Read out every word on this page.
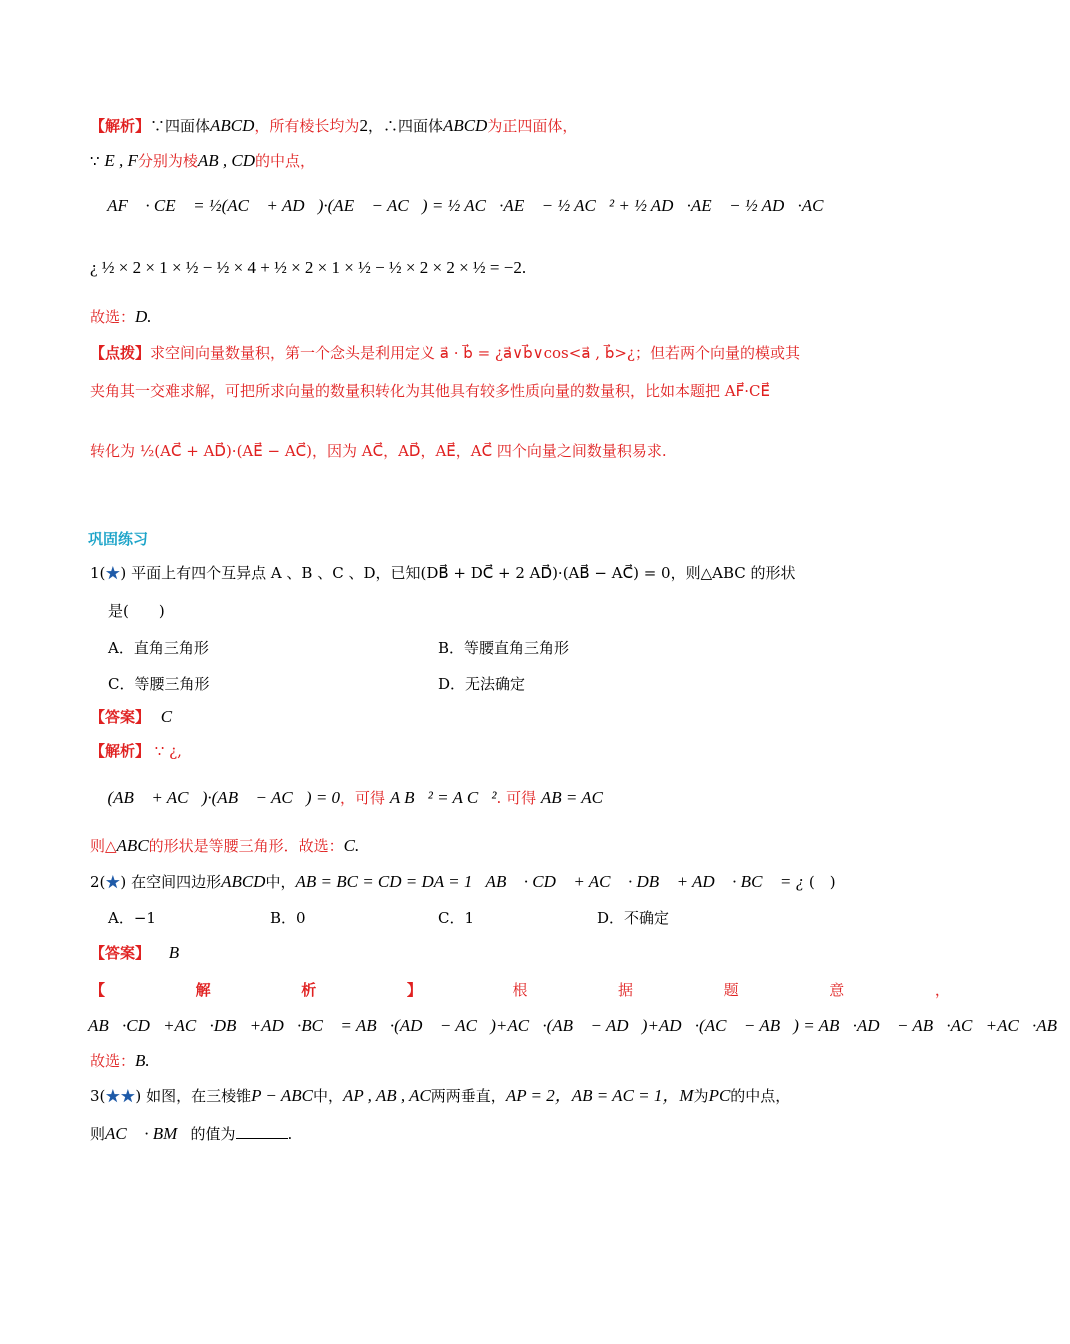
【解析】∵四面体ABCD，所有棱长均为2，∴四面体ABCD为正四面体，
∵ E , F分别为棱AB , CD的中点，
∴ AF⃗ · CE⃗ = ½(AC⃗ + AD⃗)·(AE⃗ − AC⃗) = ½ AC⃗·AE⃗ − ½ AC⃗² + ½ AD⃗·AE⃗ − ½ AD⃗·AC⃗
¿ ½ × 2 × 1 × ½ − ½ × 4 + ½ × 2 × 1 × ½ − ½ × 2 × 2 × ½ = −2.
故选：D.
【点拨】求空间向量数量积，第一个念头是利用定义 a⃗ · b⃗ = ¿a⃗∨b⃗∨cos<a⃗ , b⃗>¿；但若两个向量的模或其
夹角其一交难求解，可把所求向量的数量积转化为其他具有较多性质向量的数量积，比如本题把 AF⃗·CE⃗
转化为 ½(AC⃗ + AD⃗)·(AE⃗ − AC⃗)，因为 AC⃗，AD⃗，AE⃗，AC⃗ 四个向量之间数量积易求.
巩固练习
1(★) 平面上有四个互异点 A 、B 、C 、D，已知(DB⃗ + DC⃗ + 2 AD⃗)·(AB⃗ − AC⃗) = 0，则△ABC 的形状
是(　　)
A．直角三角形	B．等腰直角三角形
C．等腰三角形	D．无法确定
【答案】 C
【解析】 ∵ ¿,
∴ (AB⃗ + AC⃗)·(AB⃗ − AC⃗) = 0，可得 A B⃗² = A C⃗². 可得 AB = AC
则△ABC的形状是等腰三角形．故选：C.
2(★) 在空间四边形ABCD中，AB = BC = CD = DA = 1，AB⃗ · CD⃗ + AC⃗ · DB⃗ + AD⃗ · BC⃗ = ¿ (　)
A．−1	B．0	C．1	D．不确定
【答案】 B
【	解	析	】	根	据	题	意	，
AB⃗·CD⃗+AC⃗·DB⃗+AD⃗·BC⃗ = AB⃗·(AD⃗ − AC⃗)+AC⃗·(AB⃗ − AD⃗)+AD⃗·(AC⃗ − AB⃗) = AB⃗·AD⃗ − AB⃗·AC⃗+AC⃗·AB⃗
故选：B.
3(★★) 如图，在三棱锥P − ABC中，AP , AB , AC两两垂直，AP = 2，AB = AC = 1，M为PC的中点，
则AC⃗ · BM⃗的值为	.
